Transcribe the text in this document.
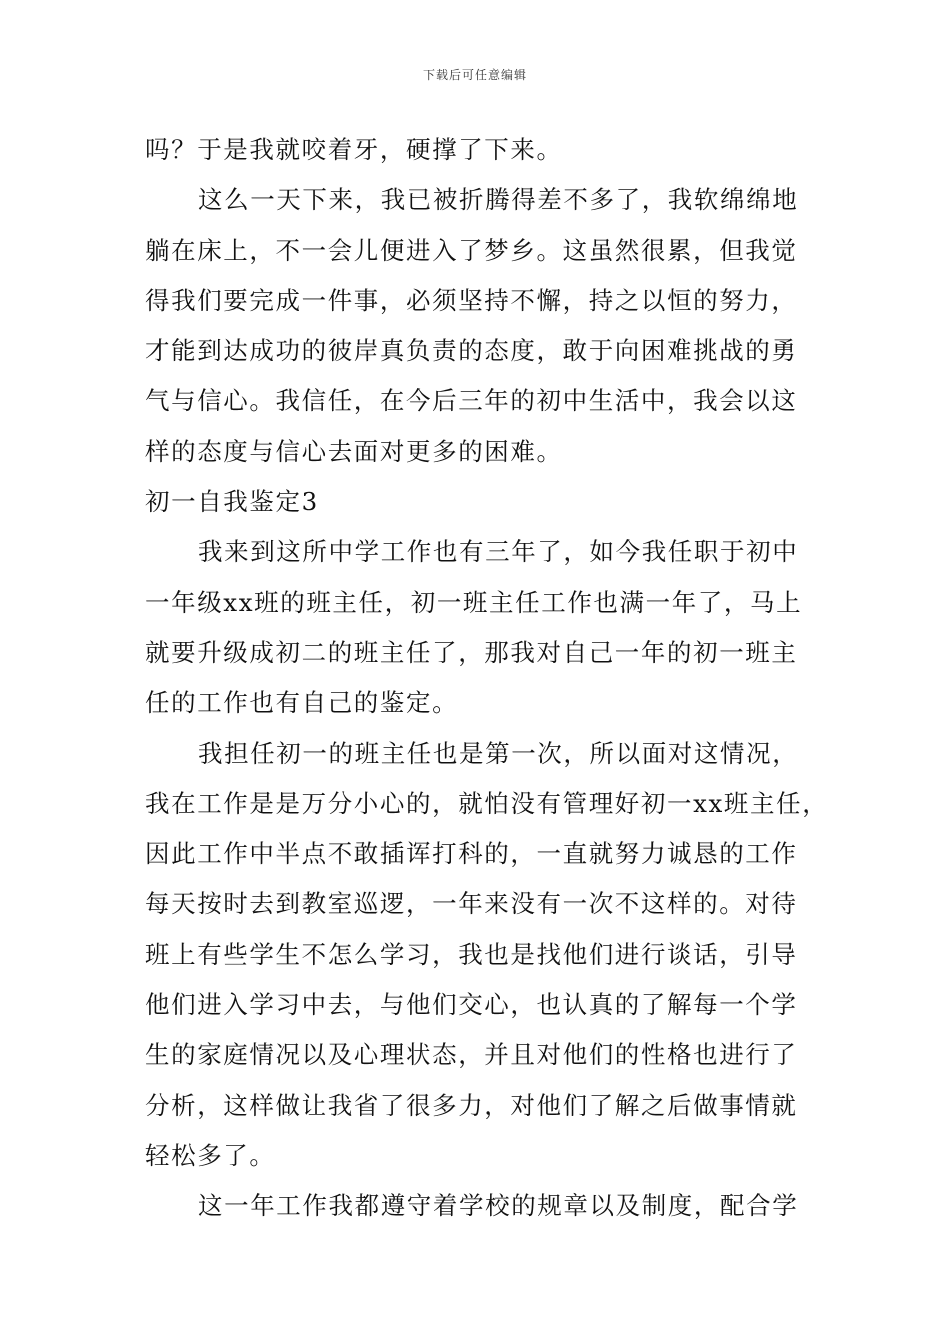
下载后可任意编辑
吗？于是我就咬着牙，硬撑了下来。
这么一天下来，我已被折腾得差不多了，我软绵绵地
躺在床上，不一会儿便进入了梦乡。这虽然很累，但我觉
得我们要完成一件事，必须坚持不懈，持之以恒的努力，
才能到达成功的彼岸真负责的态度，敢于向困难挑战的勇
气与信心。我信任，在今后三年的初中生活中，我会以这
样的态度与信心去面对更多的困难。
初一自我鉴定3
我来到这所中学工作也有三年了，如今我任职于初中
一年级xx班的班主任，初一班主任工作也满一年了，马上
就要升级成初二的班主任了，那我对自己一年的初一班主
任的工作也有自己的鉴定。
我担任初一的班主任也是第一次，所以面对这情况，
我在工作是是万分小心的，就怕没有管理好初一xx班主任，
因此工作中半点不敢插诨打科的，一直就努力诚恳的工作
每天按时去到教室巡逻，一年来没有一次不这样的。对待
班上有些学生不怎么学习，我也是找他们进行谈话，引导
他们进入学习中去，与他们交心，也认真的了解每一个学
生的家庭情况以及心理状态，并且对他们的性格也进行了
分析，这样做让我省了很多力，对他们了解之后做事情就
轻松多了。
这一年工作我都遵守着学校的规章以及制度，配合学
